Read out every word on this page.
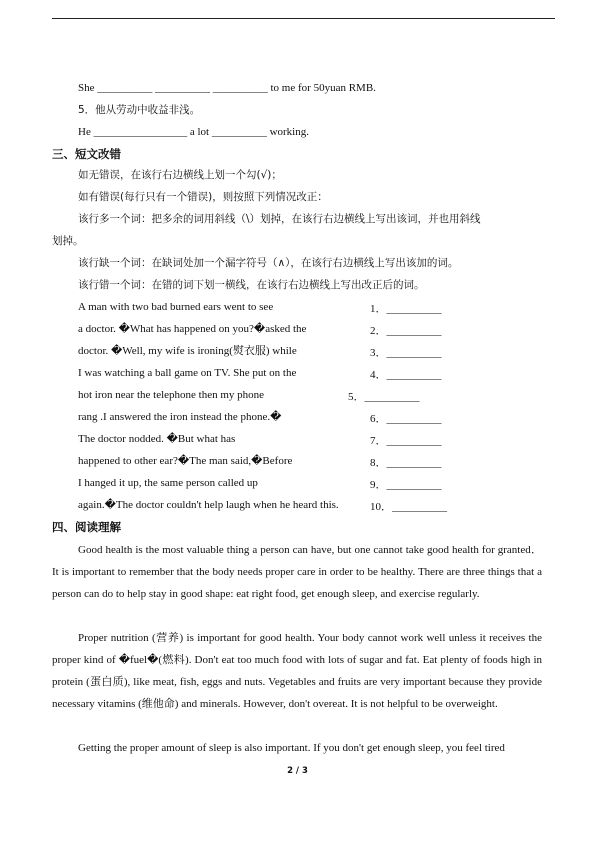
She __________ __________ __________ to me for 50yuan RMB.
5．他从劳动中收益非浅。
He _________________ a lot __________ working.
三、短文改错
如无错误，在该行右边横线上划一个勾(√)；
如有错误(每行只有一个错误)，则按照下列情况改正：
该行多一个词：把多余的词用斜线（\）划掉，在该行右边横线上写出该词，并也用斜线
划掉。
该行缺一个词：在缺词处加一个漏字符号（∧），在该行右边横线上写出该加的词。
该行错一个词：在错的词下划一横线，在该行右边横线上写出改正后的词。
A man with two bad burned ears went to see	1．__________
a doctor. �What has happened on you?�asked the	2．__________
doctor. �Well, my wife is ironing(熨衣服) while	3．__________
I was watching a ball game on TV. She put on the	4．__________
hot iron near the telephone then my phone	5．__________
rang .I answered the iron instead the phone.�	6．__________
The doctor nodded. �But what has	7．__________
happened to other ear?�The man said,�Before	8．__________
I hanged it up, the same person called up	9．__________
again.�The doctor couldn't help laugh when he heard this.	10．__________
四、阅读理解
Good health is the most valuable thing a person can have, but one cannot take good health for granted．It is important to remember that the body needs proper care in order to be healthy. There are three things that a person can do to help stay in good shape: eat right food, get enough sleep, and exercise regularly.
Proper nutrition (营养) is important for good health. Your body cannot work well unless it receives the proper kind of �fuel�(燃料). Don't eat too much food with lots of sugar and fat. Eat plenty of foods high in protein (蛋白质), like meat, fish, eggs and nuts. Vegetables and fruits are very important because they provide necessary vitamins (维他命) and minerals. However, don't overeat. It is not helpful to be overweight.
Getting the proper amount of sleep is also important. If you don't get enough sleep, you feel tired
2 / 3
